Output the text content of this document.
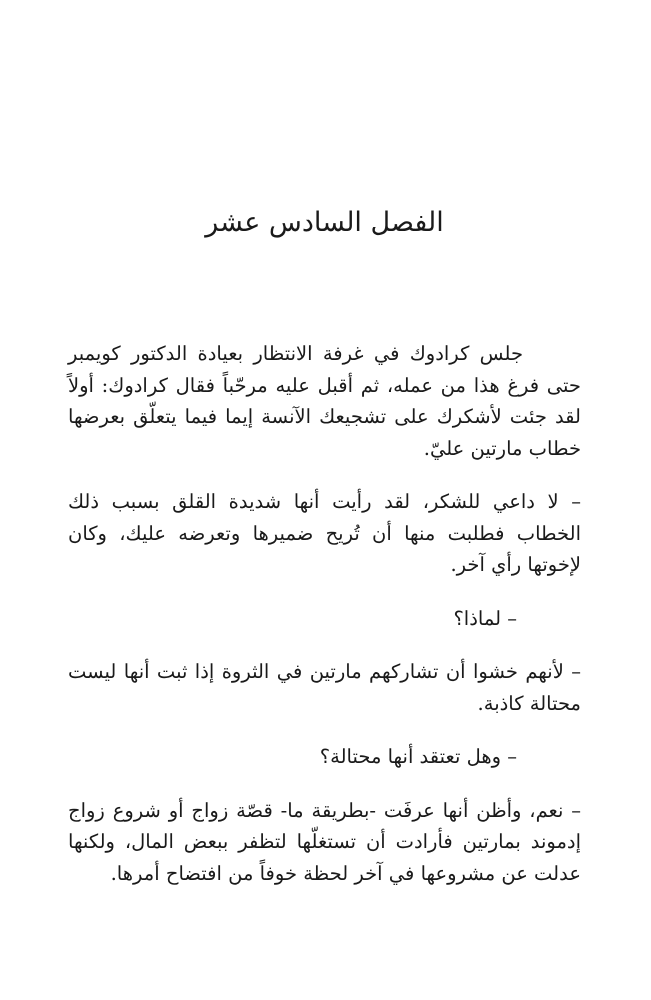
الفصل السادس عشر

جلس كرادوك في غرفة الانتظار بعيادة الدكتور كويمبر حتى فرغ هذا من عمله، ثم أقبل عليه مرحّباً فقال كرادوك: أولاً لقد جئت لأشكرك على تشجيعك الآنسة إيما فيما يتعلّق بعرضها خطاب مارتين عليّ.

– لا داعي للشكر، لقد رأيت أنها شديدة القلق بسبب ذلك الخطاب فطلبت منها أن تُريح ضميرها وتعرضه عليك، وكان لإخوتها رأي آخر.

– لماذا؟

– لأنهم خشوا أن تشاركهم مارتين في الثروة إذا ثبت أنها ليست محتالة كاذبة.

– وهل تعتقد أنها محتالة؟

– نعم، وأظن أنها عرفَت -بطريقة ما- قصّة زواج أو شروع زواج إدموند بمارتين فأرادت أن تستغلّها لتظفر ببعض المال، ولكنها عدلت عن مشروعها في آخر لحظة خوفاً من افتضاح أمرها.
